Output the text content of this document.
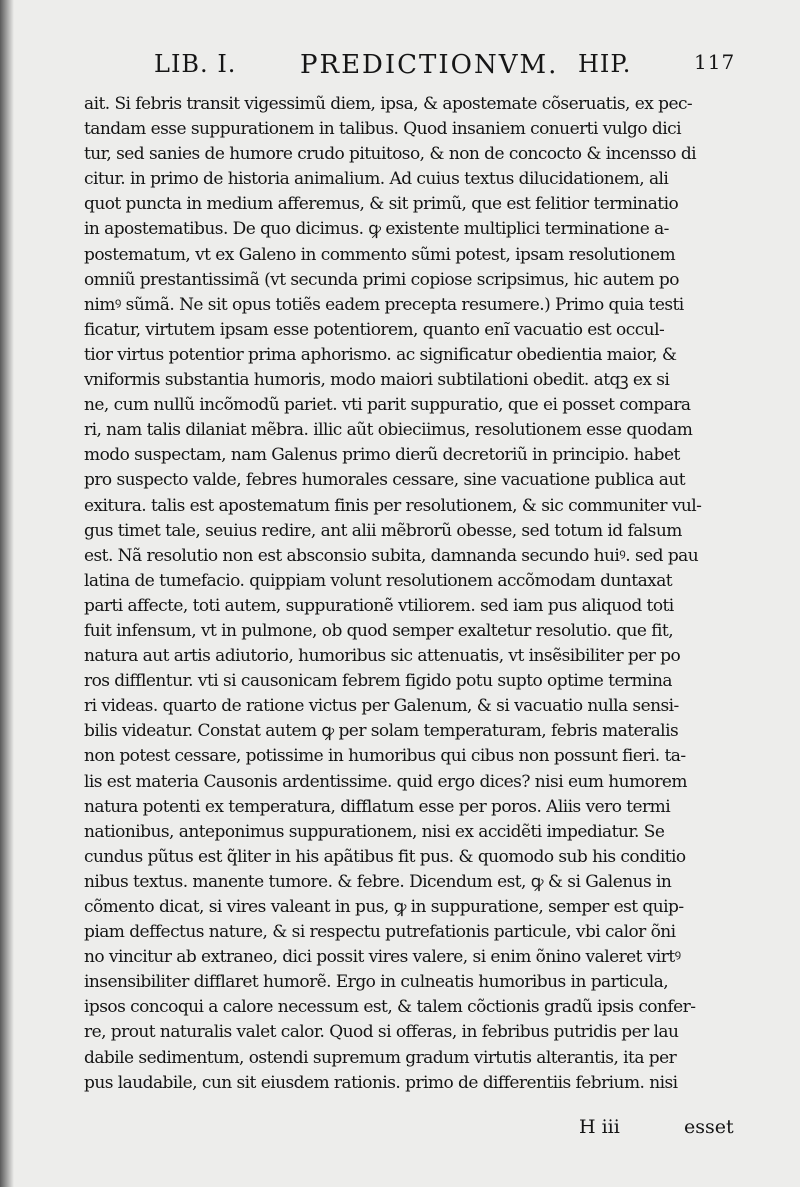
LIB. I. PREDICTIONVM. HIP.	117
ait. Si febris transit vigessimũ diem, ipsa, & apostemate cõseruatis, ex pec-
tandam esse suppurationem in talibus. Quod insaniem conuerti vulgo dici
tur, sed sanies de humore crudo pituitoso, & non de concocto & incensso di
citur. in primo de historia animalium. Ad cuius textus dilucidationem, ali
quot puncta in medium afferemus, & sit primũ, que est felitior terminatio
in apostematibus. De quo dicimus. ꝙ existente multiplici terminatione a-
postematum, vt ex Galeno in commento sũmi potest, ipsam resolutionem
omniũ prestantissimã (vt secunda primi copiose scripsimus, hic autem po
nimꝰ sũmã. Ne sit opus totiẽs eadem precepta resumere.) Primo quia testi
ficatur, virtutem ipsam esse potentiorem, quanto enĩ vacuatio est occul-
tior virtus potentior prima aphorismo. ac significatur obedientia maior, &
vniformis substantia humoris, modo maiori subtilationi obedit. atqꝫ ex si
ne, cum nullũ incõmodũ pariet. vti parit suppuratio, que ei posset compara
ri, nam talis dilaniat mẽbra. illic aũt obieciimus, resolutionem esse quodam
modo suspectam, nam Galenus primo dierũ decretoriũ in principio. habet
pro suspecto valde, febres humorales cessare, sine vacuatione publica aut
exitura. talis est apostematum finis per resolutionem, & sic communiter vul-
gus timet tale, seuius redire, ant alii mẽbrorũ obesse, sed totum id falsum
est. Nã resolutio non est absconsio subita, damnanda secundo huiꝰ. sed pau
latina de tumefacio. quippiam volunt resolutionem accõmodam duntaxat
parti affecte, toti autem, suppurationẽ vtiliorem. sed iam pus aliquod toti
fuit infensum, vt in pulmone, ob quod semper exaltetur resolutio. que fit,
natura aut artis adiutorio, humoribus sic attenuatis, vt insẽsibiliter per po
ros difflentur. vti si causonicam febrem figido potu supto optime termina
ri videas. quarto de ratione victus per Galenum, & si vacuatio nulla sensi-
bilis videatur. Constat autem ꝙ per solam temperaturam, febris materalis
non potest cessare, potissime in humoribus qui cibus non possunt fieri. ta-
lis est materia Causonis ardentissime. quid ergo dices? nisi eum humorem
natura potenti ex temperatura, difflatum esse per poros. Aliis vero termi
nationibus, anteponimus suppurationem, nisi ex accidẽti impediatur. Se
cundus pũtus est q̃liter in his apãtibus fit pus. & quomodo sub his conditio
nibus textus. manente tumore. & febre. Dicendum est, ꝙ & si Galenus in
cõmento dicat, si vires valeant in pus, ꝙ in suppuratione, semper est quip-
piam deffectus nature, & si respectu putrefationis particule, vbi calor õni
no vincitur ab extraneo, dici possit vires valere, si enim õnino valeret virtꝰ
insensibiliter difflaret humorẽ. Ergo in culneatis humoribus in particula,
ipsos concoqui a calore necessum est, & talem cõctionis gradũ ipsis confer-
re, prout naturalis valet calor. Quod si offeras, in febribus putridis per lau
dabile sedimentum, ostendi supremum gradum virtutis alterantis, ita per
pus laudabile, cun sit eiusdem rationis. primo de differentiis febrium. nisi
H iii	esset
